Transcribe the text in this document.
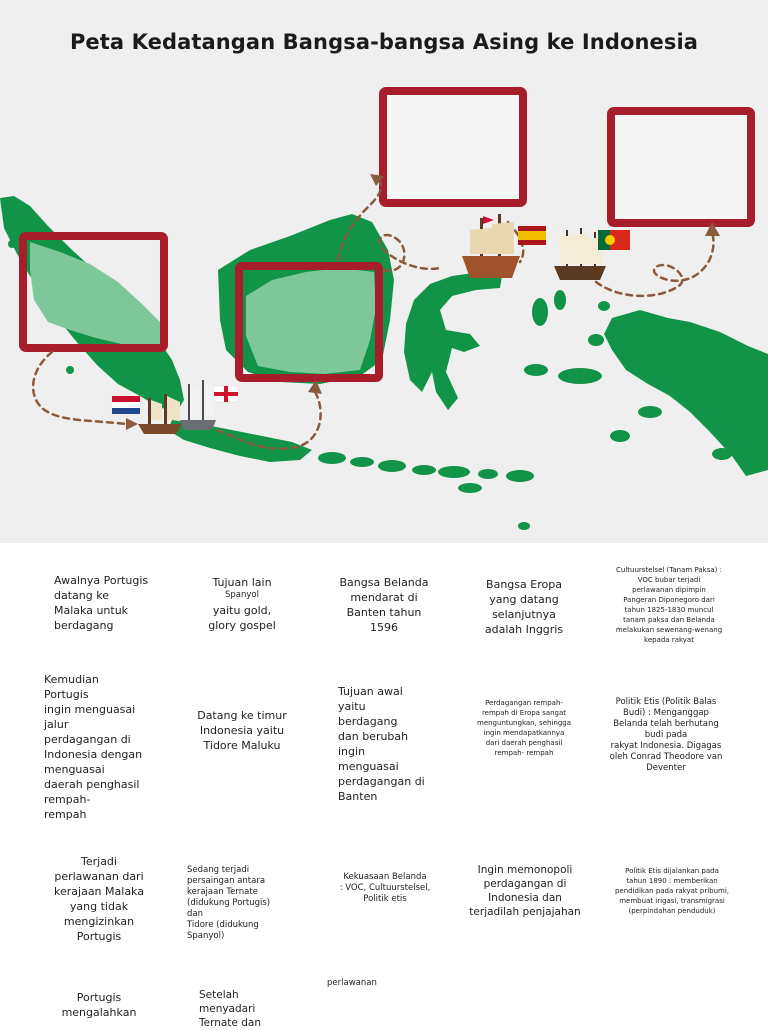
Peta Kedatangan Bangsa-bangsa Asing ke Indonesia
Awalnya Portugis
datang ke
Malaka untuk
berdagang
Tujuan lain
Spanyol
yaitu gold,
glory gospel
Bangsa Belanda
mendarat di
Banten tahun
1596
Bangsa Eropa
yang datang
selanjutnya
adalah Inggris
Cultuurstelsel (Tanam Paksa) :
VOC bubar terjadi
perlawanan dipimpin
Pangeran Diponegoro dari
tahun 1825-1830 muncul
tanam paksa dan Belanda
melakukan sewenang-wenang
kepada rakyat
Kemudian
Portugis
ingin menguasai
jalur
perdagangan di
Indonesia dengan
menguasai
daerah penghasil
rempah-
rempah
Datang ke timur
Indonesia yaitu
Tidore Maluku
Tujuan awal
yaitu
berdagang
dan berubah
ingin
menguasai
perdagangan di
Banten
Perdagangan rempah-
rempah di Eropa sangat
menguntungkan, sehingga
ingin mendapatkannya
dari daerah penghasil
rempah- rempah
Politik Etis (Politik Balas
Budi) : Menganggap
Belanda telah berhutang
budi pada
rakyat Indonesia. Digagas
oleh Conrad Theodore van
Deventer
Terjadi
perlawanan dari
kerajaan Malaka
yang tidak
mengizinkan
Portugis
Sedang terjadi
persaingan antara
kerajaan Ternate
(didukung Portugis)
dan
Tidore (didukung
Spanyol)
Kekuasaan Belanda
: VOC, Cultuurstelsel,
Politik etis
Ingin memonopoli
perdagangan di
Indonesia dan
terjadilah penjajahan
Politik Etis dijalankan pada
tahun 1890 : memberikan
pendidikan pada rakyat pribumi,
membuat irigasi, transmigrasi
(perpindahan penduduk)
Portugis
mengalahkan
Setelah
menyadari
Ternate dan
perlawanan
